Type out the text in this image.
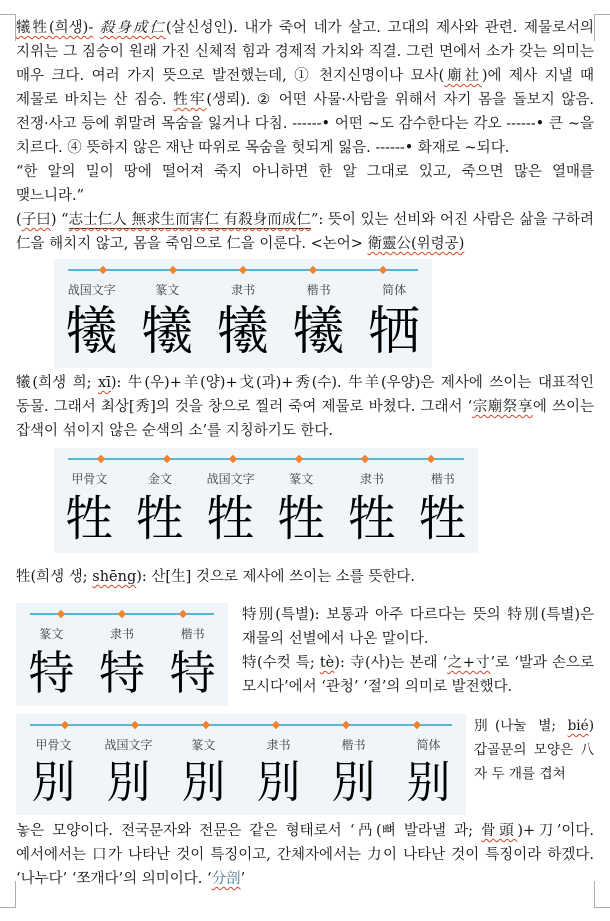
犧牲(희생)- 殺身成仁(살신성인). 내가 죽어 네가 살고. 고대의 제사와 관련. 제물로서의 지위는 그 짐승이 원래 가진 신체적 힘과 경제적 가치와 직결. 그런 면에서 소가 갖는 의미는 매우 크다. 여러 가지 뜻으로 발전했는데, ① 천지신명이나 묘사(廟社)에 제사 지낼 때 제물로 바치는 산 짐승. 牲牢(생뢰). ② 어떤 사물·사람을 위해서 자기 몸을 돌보지 않음. 전쟁·사고 등에 휘말려 목숨을 잃거나 다침. ------• 어떤 ~도 감수한다는 각오 ------• 큰 ~을 치르다. ④ 뜻하지 않은 재난 따위로 목숨을 헛되게 잃음. ------• 화재로 ~되다.

“한 알의 밀이 땅에 떨어져 죽지 아니하면 한 알 그대로 있고, 죽으면 많은 열매를 맺느니라.”

(子曰) “志士仁人 無求生而害仁 有殺身而成仁”: 뜻이 있는 선비와 어진 사람은 삶을 구하려 仁을 해치지 않고, 몸을 죽임으로 仁을 이룬다. <논어> 衛靈公(위령공)

战国文字	篆文	隶书	楷书	简体
犧 犧 犧 犧 牺

犧(희생 희; xī): 牛(우)+羊(양)+戈(과)+秀(수). 牛羊(우양)은 제사에 쓰이는 대표적인 동물. 그래서 최상[秀]의 것을 창으로 찔러 죽여 제물로 바쳤다. 그래서 ‘宗廟祭享에 쓰이는 잡색이 섞이지 않은 순색의 소’를 지칭하기도 한다.

甲骨文	金文	战国文字	篆文	隶书	楷书
牲 牲 牲 牲 牲 牲

牲(희생 생; shēng): 산[生] 것으로 제사에 쓰이는 소를 뜻한다.

篆文	隶书	楷书
特 特 特

特別(특별): 보통과 아주 다르다는 뜻의 特別(특별)은 재물의 선별에서 나온 말이다.

特(수컷 특; tè): 寺(사)는 본래 ‘之+寸’로 ‘발과 손으로 모시다’에서 ‘관청’ ‘절’의 의미로 발전했다.

甲骨文	战国文字	篆文	隶书	楷书	简体
別 別 別 別 別 别

別(나눌 별; bié) 갑골문의 모양은 八 자 두 개를 겹쳐

놓은 모양이다. 전국문자와 전문은 같은 형태로서 ‘冎(뼈 발라낼 과; 骨頭)+刀’이다. 예서에서는 口가 나타난 것이 특징이고, 간체자에서는 力이 나타난 것이 특징이라 하겠다. ‘나누다’ ‘쪼개다’의 의미이다. ‘分剖’
